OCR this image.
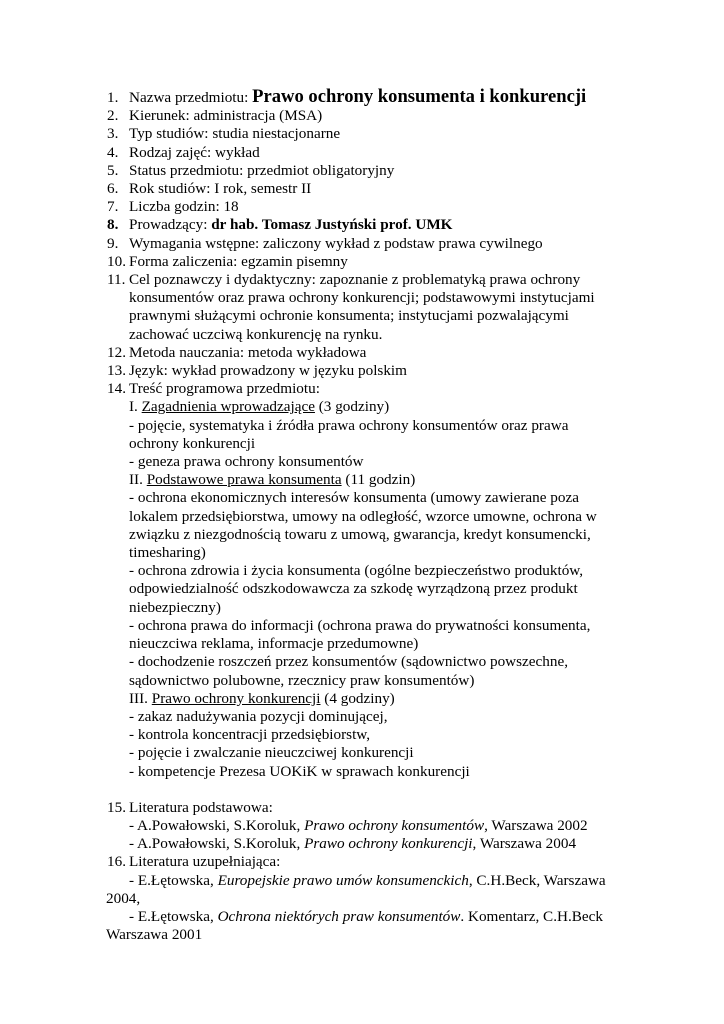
1. Nazwa przedmiotu: Prawo ochrony konsumenta i konkurencji
2. Kierunek: administracja (MSA)
3. Typ studiów: studia niestacjonarne
4. Rodzaj zajęć: wykład
5. Status przedmiotu: przedmiot obligatoryjny
6. Rok studiów: I rok, semestr II
7. Liczba godzin: 18
8. Prowadzący: dr hab. Tomasz Justyński prof. UMK
9. Wymagania wstępne: zaliczony wykład z podstaw prawa cywilnego
10. Forma zaliczenia: egzamin pisemny
11. Cel poznawczy i dydaktyczny: zapoznanie z problematyką prawa ochrony
konsumentów oraz prawa ochrony konkurencji; podstawowymi instytucjami
prawnymi służącymi ochronie konsumenta; instytucjami pozwalającymi
zachować uczciwą konkurencję na rynku.
12. Metoda nauczania: metoda wykładowa
13. Język: wykład prowadzony w języku polskim
14. Treść programowa przedmiotu:
I. Zagadnienia wprowadzające (3 godziny)
- pojęcie, systematyka i źródła prawa ochrony konsumentów oraz prawa
ochrony konkurencji
- geneza prawa ochrony konsumentów
II. Podstawowe prawa konsumenta (11 godzin)
- ochrona ekonomicznych interesów konsumenta (umowy zawierane poza
lokalem przedsiębiorstwa, umowy na odległość, wzorce umowne, ochrona w
związku z niezgodnością towaru z umową, gwarancja, kredyt konsumencki,
timesharing)
- ochrona zdrowia i życia konsumenta (ogólne bezpieczeństwo produktów,
odpowiedzialność odszkodowawcza za szkodę wyrządzoną przez produkt
niebezpieczny)
- ochrona prawa do informacji (ochrona prawa do prywatności konsumenta,
nieuczciwa reklama, informacje przedumowne)
- dochodzenie roszczeń przez konsumentów (sądownictwo powszechne,
sądownictwo polubowne, rzecznicy praw konsumentów)
III. Prawo ochrony konkurencji (4 godziny)
- zakaz nadużywania pozycji dominującej,
- kontrola koncentracji przedsiębiorstw,
- pojęcie i zwalczanie nieuczciwej konkurencji
- kompetencje Prezesa UOKiK w sprawach konkurencji
15. Literatura podstawowa:
- A.Powałowski, S.Koroluk, Prawo ochrony konsumentów, Warszawa 2002
- A.Powałowski, S.Koroluk, Prawo ochrony konkurencji, Warszawa 2004
16. Literatura uzupełniająca:
- E.Łętowska, Europejskie prawo umów konsumenckich, C.H.Beck, Warszawa 2004,
- E.Łętowska, Ochrona niektórych praw konsumentów. Komentarz, C.H.Beck Warszawa 2001
